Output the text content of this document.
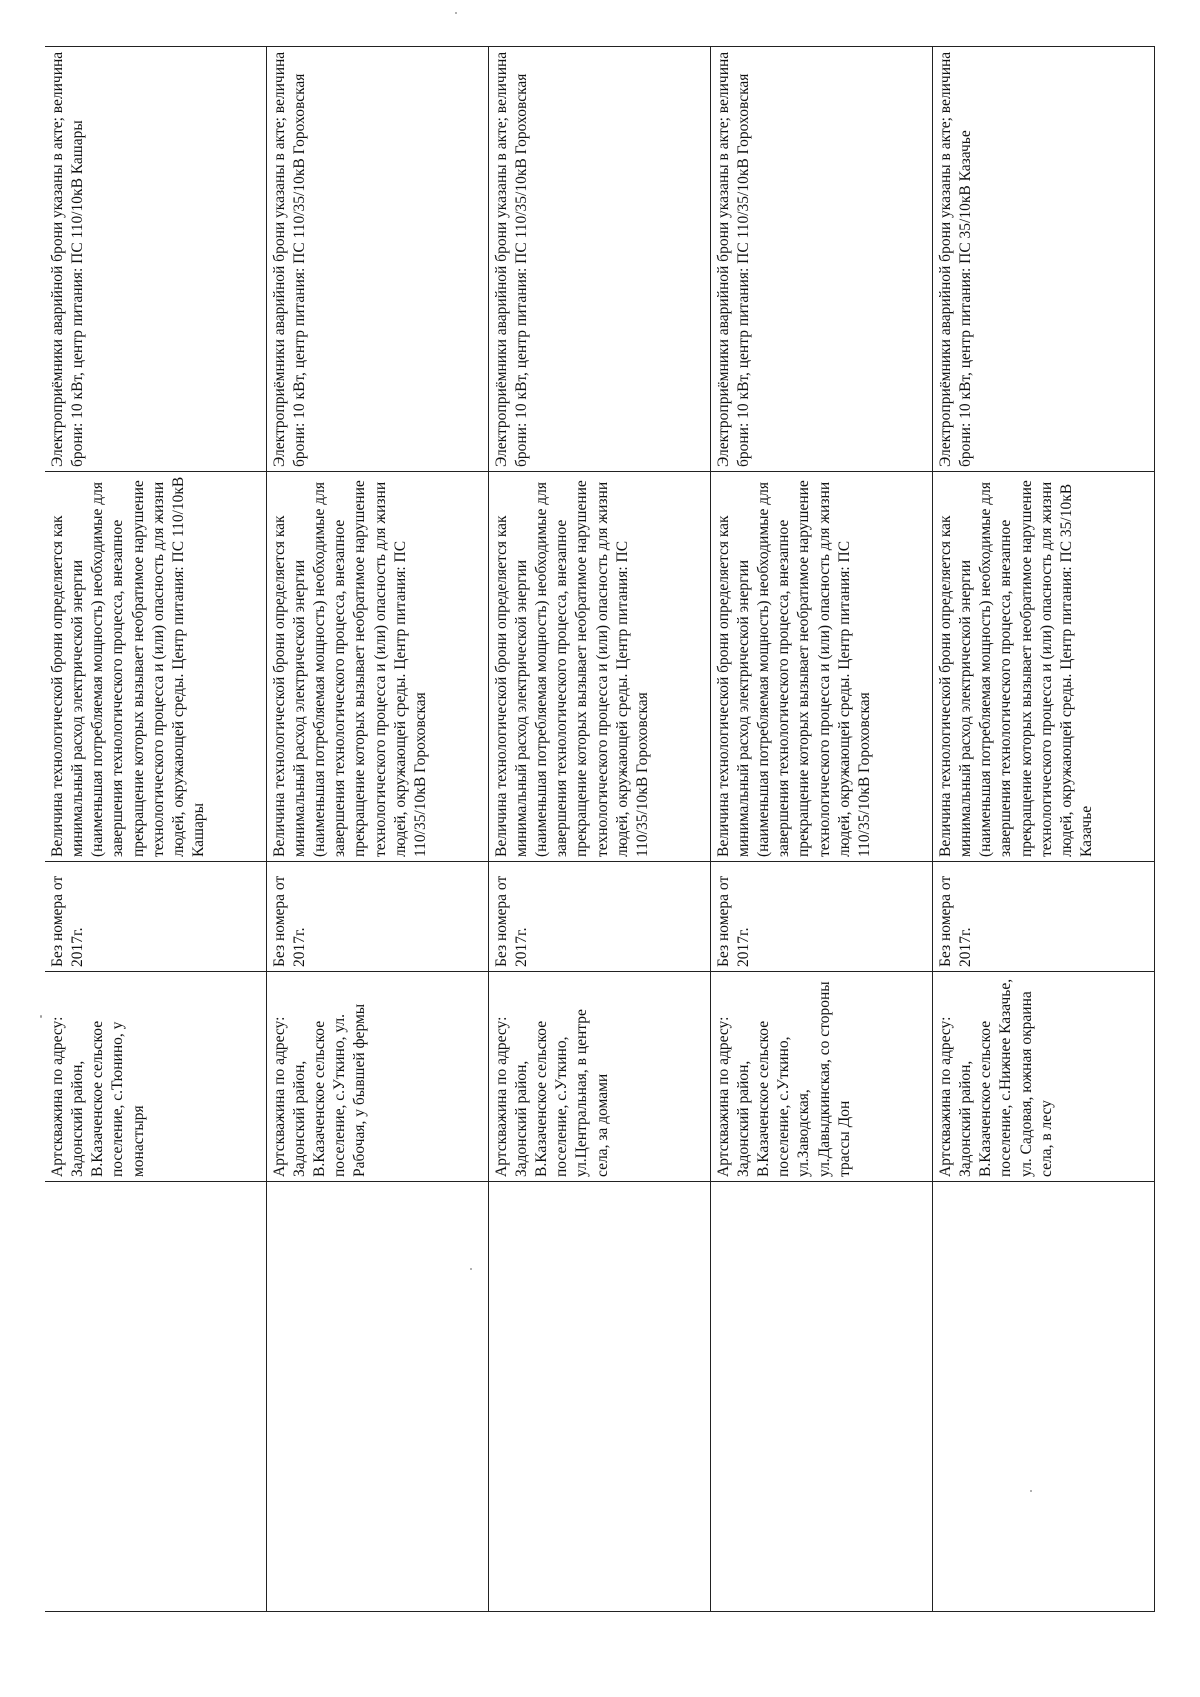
	Артскважина по адресу: Задонский район, В.Казаченское сельское поселение, с.Тюнино, у монастыря	Без номера от 2017г.	Величина технологической брони определяется как минимальный расход электрической энергии (наименьшая потребляемая мощность) необходимые для завершения технологического процесса, внезапное прекращение которых вызывает необратимое нарушение технологического процесса и (или) опасность для жизни людей, окружающей среды. Центр питания: ПС 110/10кВ Кашары	Электроприёмники аварийной брони указаны в акте; величина брони: 10 кВт, центр питания: ПС 110/10кВ Кашары
	Артскважина по адресу: Задонский район, В.Казаченское сельское поселение, с.Уткино, ул. Рабочая, у бывшей фермы	Без номера от 2017г.	Величина технологической брони определяется как минимальный расход электрической энергии (наименьшая потребляемая мощность) необходимые для завершения технологического процесса, внезапное прекращение которых вызывает необратимое нарушение технологического процесса и (или) опасность для жизни людей, окружающей среды. Центр питания: ПС 110/35/10кВ Гороховская	Электроприёмники аварийной брони указаны в акте; величина брони: 10 кВт, центр питания: ПС 110/35/10кВ Гороховская
	Артскважина по адресу: Задонский район, В.Казаченское сельское поселение, с.Уткино, ул.Центральная, в центре села, за домами	Без номера от 2017г.	Величина технологической брони определяется как минимальный расход электрической энергии (наименьшая потребляемая мощность) необходимые для завершения технологического процесса, внезапное прекращение которых вызывает необратимое нарушение технологического процесса и (или) опасность для жизни людей, окружающей среды. Центр питания: ПС 110/35/10кВ Гороховская	Электроприёмники аварийной брони указаны в акте; величина брони: 10 кВт, центр питания: ПС 110/35/10кВ Гороховская
	Артскважина по адресу: Задонский район, В.Казаченское сельское поселение, с.Уткино, ул.Заводская, ул.Давыдкинская, со стороны трассы Дон	Без номера от 2017г.	Величина технологической брони определяется как минимальный расход электрической энергии (наименьшая потребляемая мощность) необходимые для завершения технологического процесса, внезапное прекращение которых вызывает необратимое нарушение технологического процесса и (или) опасность для жизни людей, окружающей среды. Центр питания: ПС 110/35/10кВ Гороховская	Электроприёмники аварийной брони указаны в акте; величина брони: 10 кВт, центр питания: ПС 110/35/10кВ Гороховская
	Артскважина по адресу: Задонский район, В.Казаченское сельское поселение, с.Нижнее Казачье, ул. Садовая, южная окраина села, в лесу	Без номера от 2017г.	Величина технологической брони определяется как минимальный расход электрической энергии (наименьшая потребляемая мощность) необходимые для завершения технологического процесса, внезапное прекращение которых вызывает необратимое нарушение технологического процесса и (или) опасность для жизни людей, окружающей среды. Центр питания: ПС 35/10кВ Казачье	Электроприёмники аварийной брони указаны в акте; величина брони: 10 кВт, центр питания: ПС 35/10кВ Казачье
